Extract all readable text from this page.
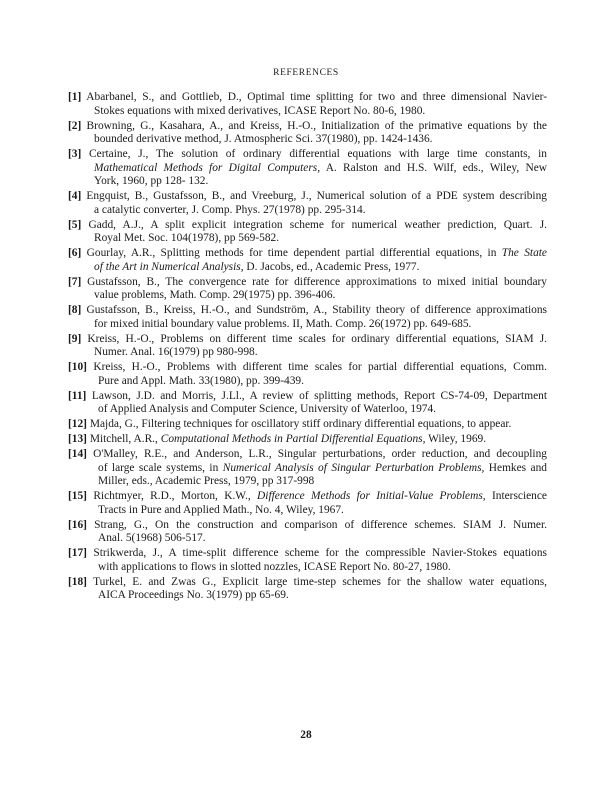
REFERENCES
[1] Abarbanel, S., and Gottlieb, D., Optimal time splitting for two and three dimensional Navier-
Stokes equations with mixed derivatives, ICASE Report No. 80-6, 1980.
[2] Browning, G., Kasahara, A., and Kreiss, H.-O., Initialization of the primative equations by the
bounded derivative method, J. Atmospheric Sci. 37(1980), pp. 1424-1436.
[3] Certaine, J., The solution of ordinary differential equations with large time constants, in
Mathematical Methods for Digital Computers, A. Ralston and H.S. Wilf, eds., Wiley, New
York, 1960, pp 128- 132.
[4] Engquist, B., Gustafsson, B., and Vreeburg, J., Numerical solution of a PDE system describing
a catalytic converter, J. Comp. Phys. 27(1978) pp. 295-314.
[5] Gadd, A.J., A split explicit integration scheme for numerical weather prediction, Quart. J.
Royal Met. Soc. 104(1978), pp 569-582.
[6] Gourlay, A.R., Splitting methods for time dependent partial differential equations, in The State
of the Art in Numerical Analysis, D. Jacobs, ed., Academic Press, 1977.
[7] Gustafsson, B., The convergence rate for difference approximations to mixed initial boundary
value problems, Math. Comp. 29(1975) pp. 396-406.
[8] Gustafsson, B., Kreiss, H.-O., and Sundström, A., Stability theory of difference approximations
for mixed initial boundary value problems. II, Math. Comp. 26(1972) pp. 649-685.
[9] Kreiss, H.-O., Problems on different time scales for ordinary differential equations, SIAM J.
Numer. Anal. 16(1979) pp 980-998.
[10] Kreiss, H.-O., Problems with different time scales for partial differential equations, Comm.
Pure and Appl. Math. 33(1980), pp. 399-439.
[11] Lawson, J.D. and Morris, J.Ll., A review of splitting methods, Report CS-74-09, Department
of Applied Analysis and Computer Science, University of Waterloo, 1974.
[12] Majda, G., Filtering techniques for oscillatory stiff ordinary differential equations, to appear.
[13] Mitchell, A.R., Computational Methods in Partial Differential Equations, Wiley, 1969.
[14] O'Malley, R.E., and Anderson, L.R., Singular perturbations, order reduction, and decoupling
of large scale systems, in Numerical Analysis of Singular Perturbation Problems, Hemkes and
Miller, eds., Academic Press, 1979, pp 317-998
[15] Richtmyer, R.D., Morton, K.W., Difference Methods for Initial-Value Problems, Interscience
Tracts in Pure and Applied Math., No. 4, Wiley, 1967.
[16] Strang, G., On the construction and comparison of difference schemes. SIAM J. Numer.
Anal. 5(1968) 506-517.
[17] Strikwerda, J., A time-split difference scheme for the compressible Navier-Stokes equations
with applications to flows in slotted nozzles, ICASE Report No. 80-27, 1980.
[18] Turkel, E. and Zwas G., Explicit large time-step schemes for the shallow water equations,
AICA Proceedings No. 3(1979) pp 65-69.
28
